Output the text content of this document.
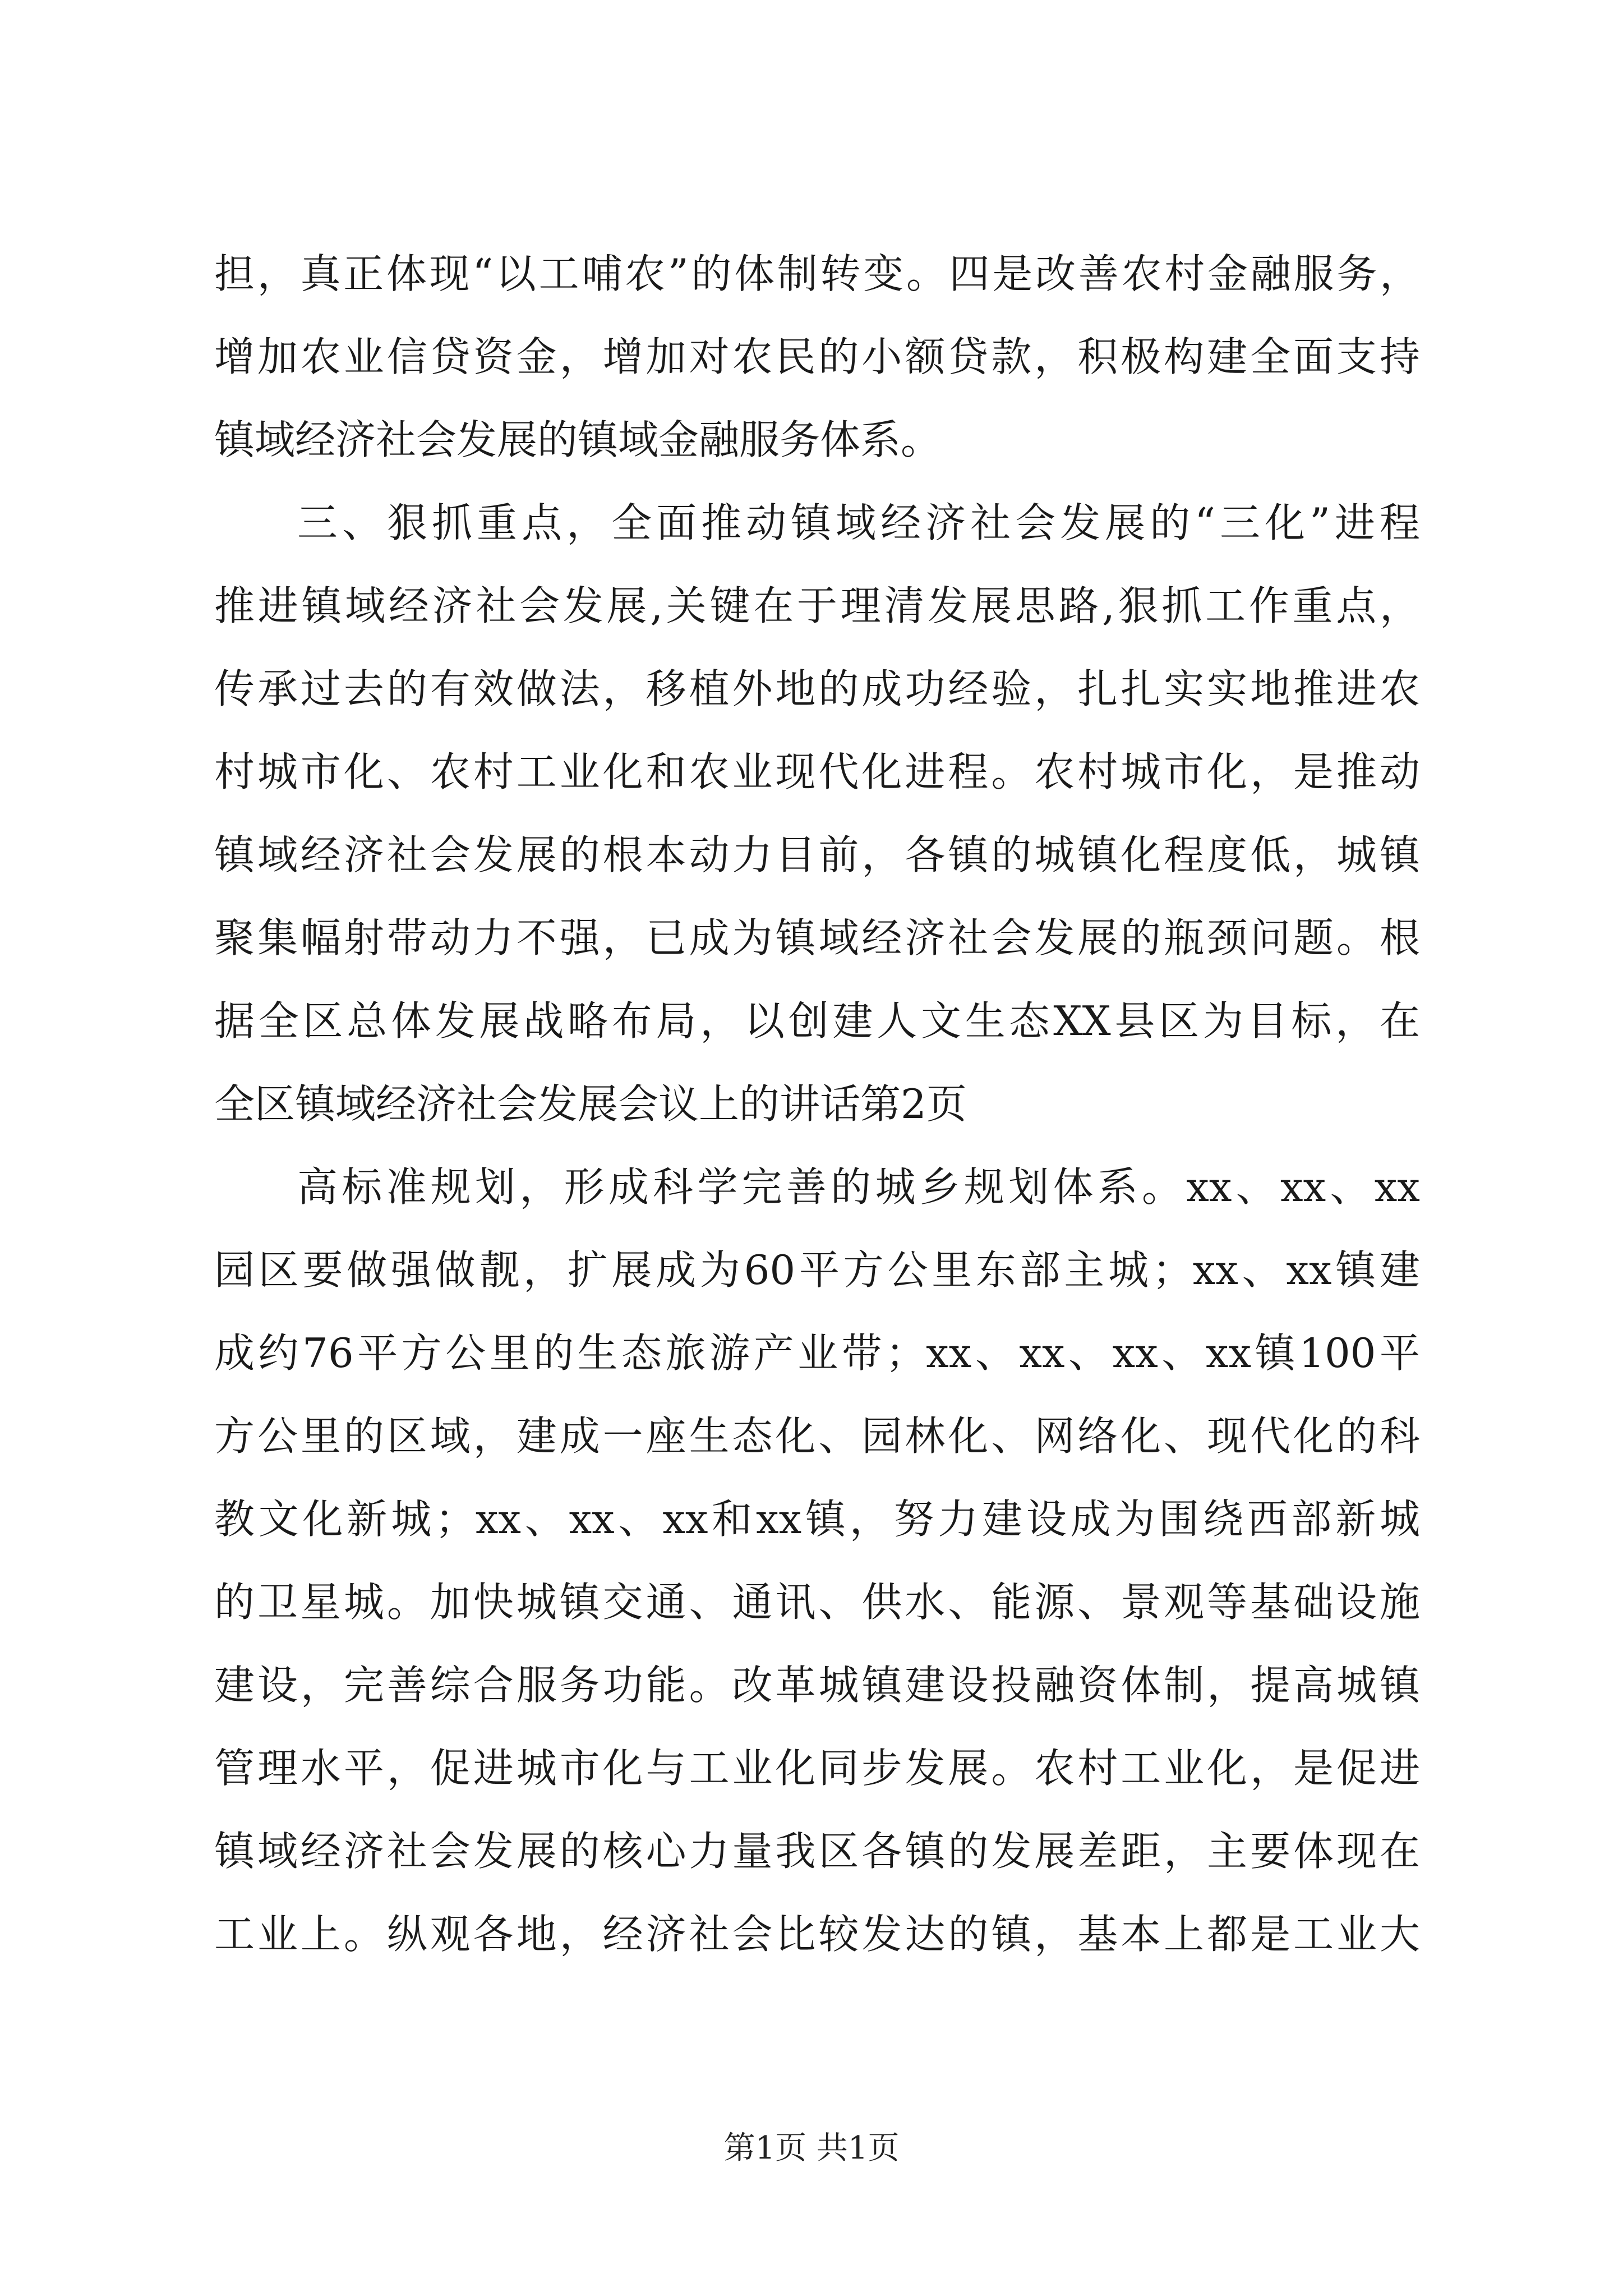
担，真正体现“以工哺农”的体制转变。四是改善农村金融服务，
增加农业信贷资金，增加对农民的小额贷款，积极构建全面支持
镇域经济社会发展的镇域金融服务体系。
三、狠抓重点，全面推动镇域经济社会发展的“三化”进程
推进镇域经济社会发展,关键在于理清发展思路,狠抓工作重点，
传承过去的有效做法，移植外地的成功经验，扎扎实实地推进农
村城市化、农村工业化和农业现代化进程。农村城市化，是推动
镇域经济社会发展的根本动力目前，各镇的城镇化程度低，城镇
聚集幅射带动力不强，已成为镇域经济社会发展的瓶颈问题。根
据全区总体发展战略布局，以创建人文生态XX县区为目标，在
全区镇域经济社会发展会议上的讲话第2页
高标准规划，形成科学完善的城乡规划体系。xx、xx、xx
园区要做强做靓，扩展成为60平方公里东部主城；xx、xx镇建
成约76平方公里的生态旅游产业带；xx、xx、xx、xx镇100平
方公里的区域，建成一座生态化、园林化、网络化、现代化的科
教文化新城；xx、xx、xx和xx镇，努力建设成为围绕西部新城
的卫星城。加快城镇交通、通讯、供水、能源、景观等基础设施
建设，完善综合服务功能。改革城镇建设投融资体制，提高城镇
管理水平，促进城市化与工业化同步发展。农村工业化，是促进
镇域经济社会发展的核心力量我区各镇的发展差距，主要体现在
工业上。纵观各地，经济社会比较发达的镇，基本上都是工业大
第1页 共1页
